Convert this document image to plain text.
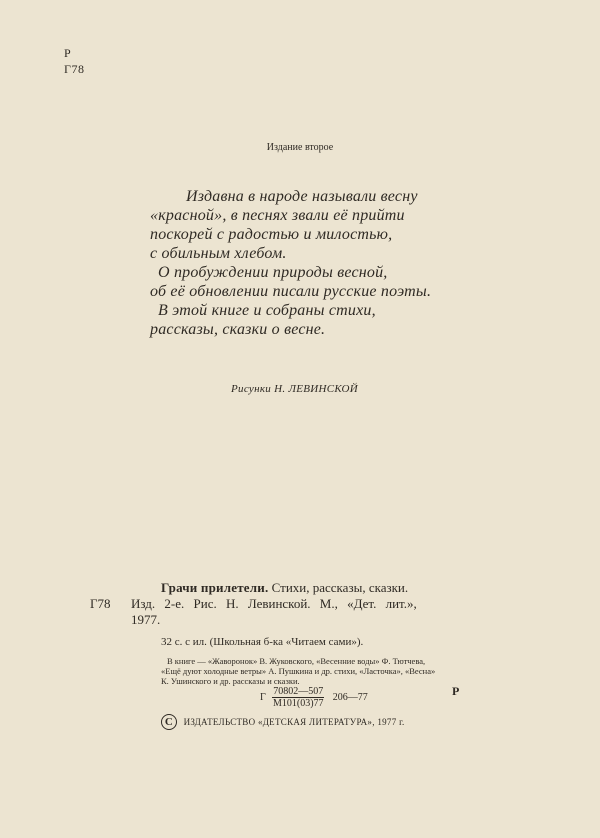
Р
Г78
Издание второе
Издавна в народе называли весну
«красной», в песнях звали её прийти
поскорей с радостью и милостью,
с обильным хлебом.
О пробуждении природы весной,
об её обновлении писали русские поэты.
В этой книге и собраны стихи,
рассказы, сказки о весне.
Рисунки Н. ЛЕВИНСКОЙ
Грачи прилетели. Стихи, рассказы, сказки.
Г78 Изд. 2-е. Рис. Н. Левинской. М., «Дет. лит.»,
1977.
32 с. с ил. (Школьная б-ка «Читаем сами»).
В книге — «Жаворонок» В. Жуковского, «Весенние воды» Ф. Тютчева,
«Ещё дуют холодные ветры» А. Пушкина и др. стихи, «Ласточка», «Весна»
К. Ушинского и др. рассказы и сказки.
Г $\frac{70802—507}{М101(03)77}$ 206—77	Р
C ИЗДАТЕЛЬСТВО «ДЕТСКАЯ ЛИТЕРАТУРА», 1977 г.
